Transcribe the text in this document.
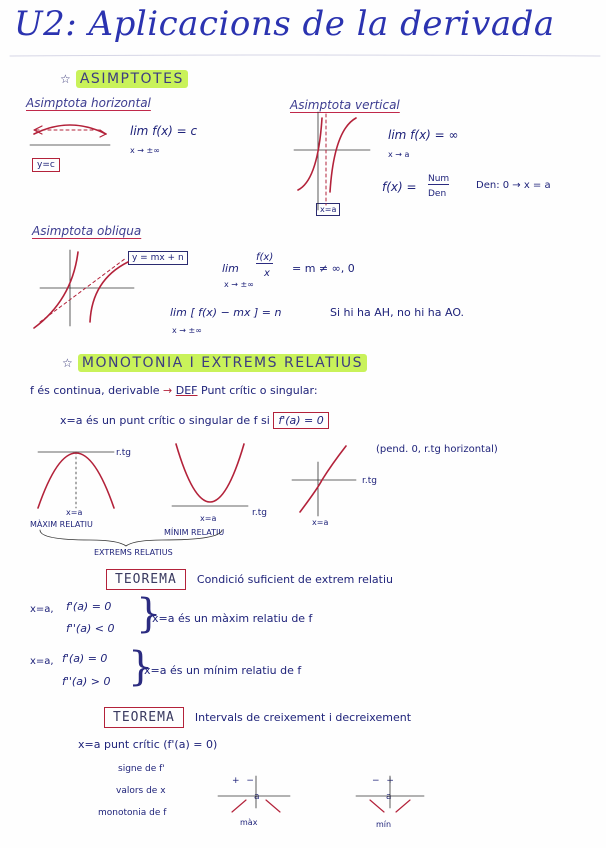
U2: Aplicacions de la derivada
☆ ASIMPTOTES
Asimptota horizontal
lim f(x) = c
x → ±∞
y=c
Asimptota vertical
lim f(x) = ∞
x → a
f(x) =
Num
Den
Den: 0 → x = a
x=a
Asimptota obliqua
y = mx + n
lim
f(x)
x = m ≠ ∞, 0
x → ±∞
lim [ f(x) − mx ] = n
x → ±∞
Si hi ha AH, no hi ha AO.
☆ MONOTONIA I EXTREMS RELATIUS
f és continua, derivable → DEF Punt crític o singular:
x=a és un punt crític o singular de f si f'(a) = 0
(pend. 0, r.tg horizontal)
r.tg
r.tg
r.tg
x=a
x=a	x=a
MÀXIM RELATIU
MÍNIM RELATIU
EXTREMS RELATIUS
TEOREMA Condició suficient de extrem relatiu
x=a, f'(a) = 0
f''(a) < 0 }
x=a és un màxim relatiu de f
x=a, f'(a) = 0
f''(a) > 0 }
x=a és un mínim relatiu de f
TEOREMA Intervals de creixement i decreixement
x=a punt crític (f'(a) = 0)
signe de f'
valors de x
monotonia de f
+ −
a
màx
− +
a
mín
